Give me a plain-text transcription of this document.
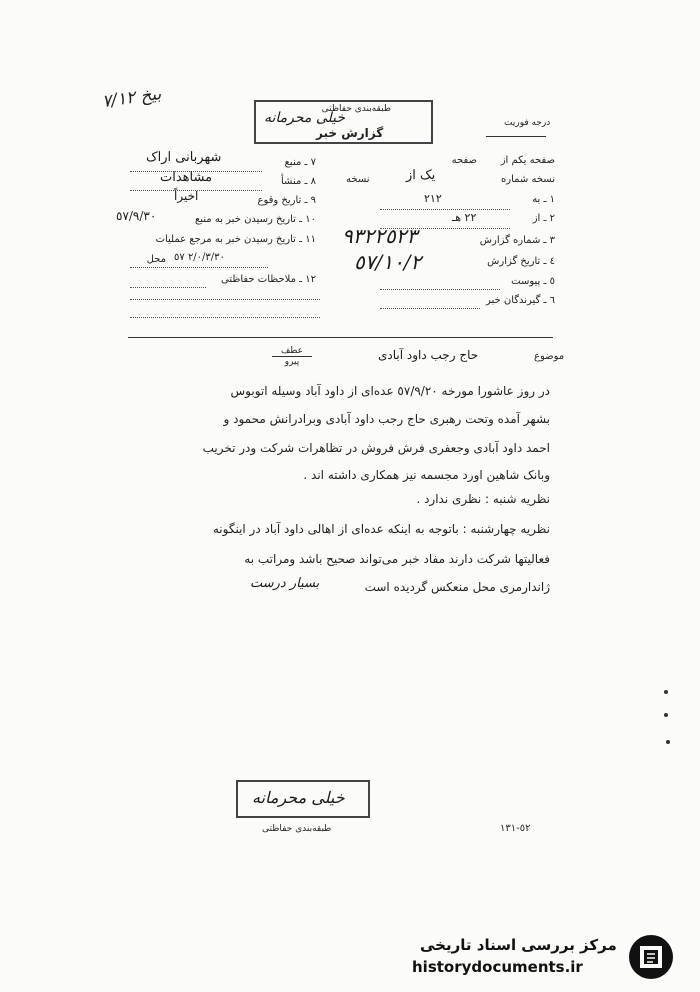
بيخ ٧/١٢
طبقه‌بندی حفاظتی
خیلی محرمانه
گزارش خبر
درجه فوریت
٧ ـ منبع
شهربانی اراک
٨ ـ منشأ
مشاهدات
٩ ـ تاریخ وقوع
اخیراً
١٠ ـ تاریخ رسیدن خبر به منبع
٥٧/٩/٣٠
١١ ـ تاریخ رسیدن خبر به مرجع عملیات
محل ٢/٠/٣/٣٠ ٥٧
١٢ ـ ملاحظات حفاظتی
صفحه یکم از
صفحه
نسخه شماره
یک از
نسخه
١ ـ به
٢١٢
٢ ـ از
٢٢ هـ
٣ ـ شماره گزارش
٩٣٢٢٥٢٣
٤ ـ تاریخ گزارش
٥٧/١٠/٢
٥ ـ پیوست
٦ ـ گیرندگان خبر
عطف
پیرو	موضوع
حاج رجب داود آبادی
در روز عاشورا مورخه ٥٧/٩/٢٠ عده‌ای از داود آباد وسیله اتوبوس
بشهر آمده وتحت رهبری حاج رجب داود آبادی وبرادرانش محمود و
احمد داود آبادی وجعفری فرش فروش در تظاهرات شرکت ودر تخریب
وبانک شاهین اورد مجسمه نیز همکاری داشته اند .
نظریه شنبه : نظری ندارد .
نظریه چهارشنبه : باتوجه به اینکه عده‌ای از اهالی داود آباد در اینگونه
فعالیتها شرکت دارند مفاد خبر می‌تواند صحیح باشد ومراتب به
ژاندارمری محل منعکس گردیده است
بسیار درست
خیلی محرمانه
طبقه‌بندی حفاظتی	٥٢-١٣١
مرکز بررسی اسناد تاریخی
historydocuments.ir
